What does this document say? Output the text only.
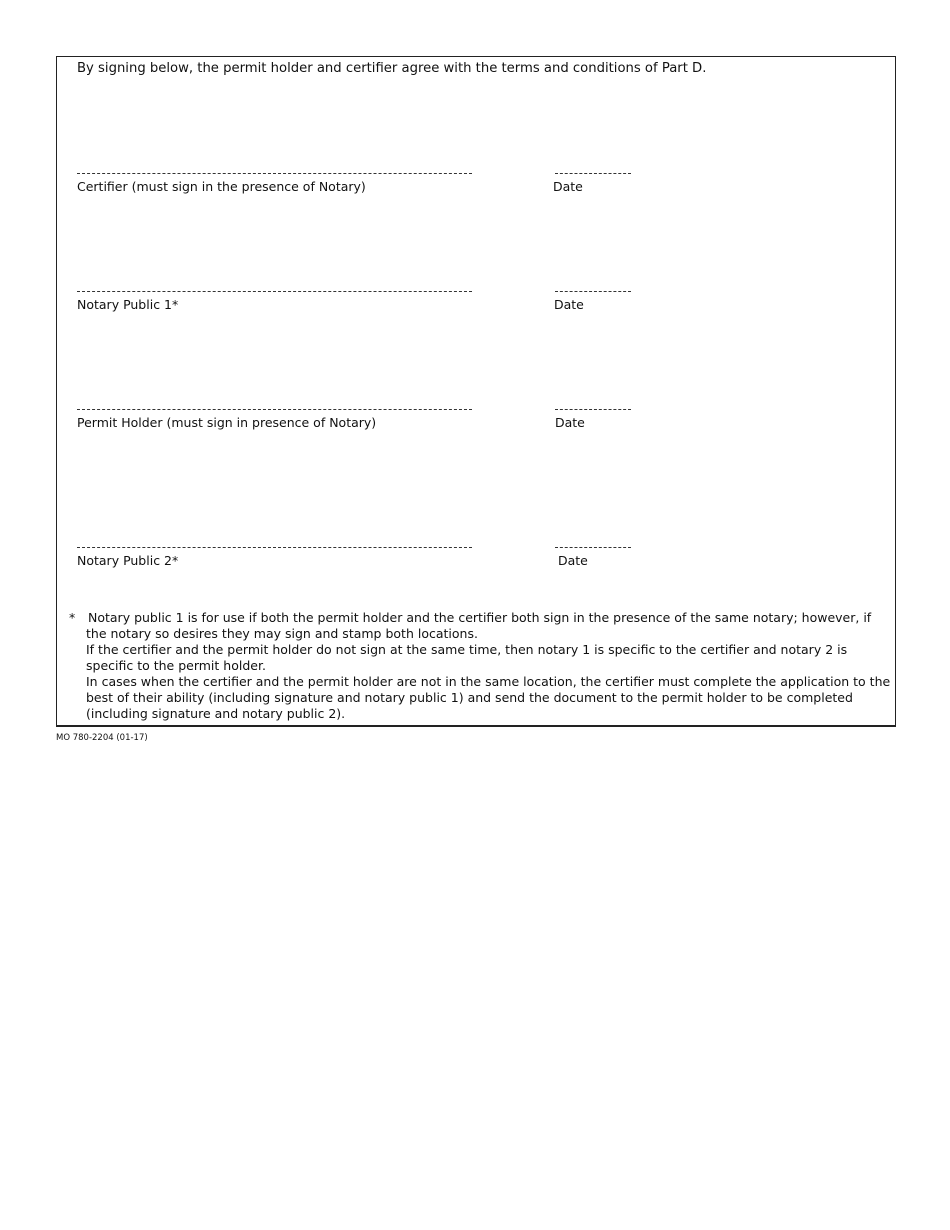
By signing below, the permit holder and certifier agree with the terms and conditions of Part D.
Certifier (must sign in the presence of Notary)	Date
Notary Public 1*	Date
Permit Holder (must sign in presence of Notary)	Date
Notary Public 2*	Date
*	Notary public 1 is for use if both the permit holder and the certifier both sign in the presence of the same notary; however, if the notary so desires they may sign and stamp both locations.

If the certifier and the permit holder do not sign at the same time, then notary 1 is specific to the certifier and notary 2 is specific to the permit holder.

In cases when the certifier and the permit holder are not in the same location, the certifier must complete the application to the best of their ability (including signature and notary public 1) and send the document to the permit holder to be completed (including signature and notary public 2).

MO 780-2204 (01-17)
